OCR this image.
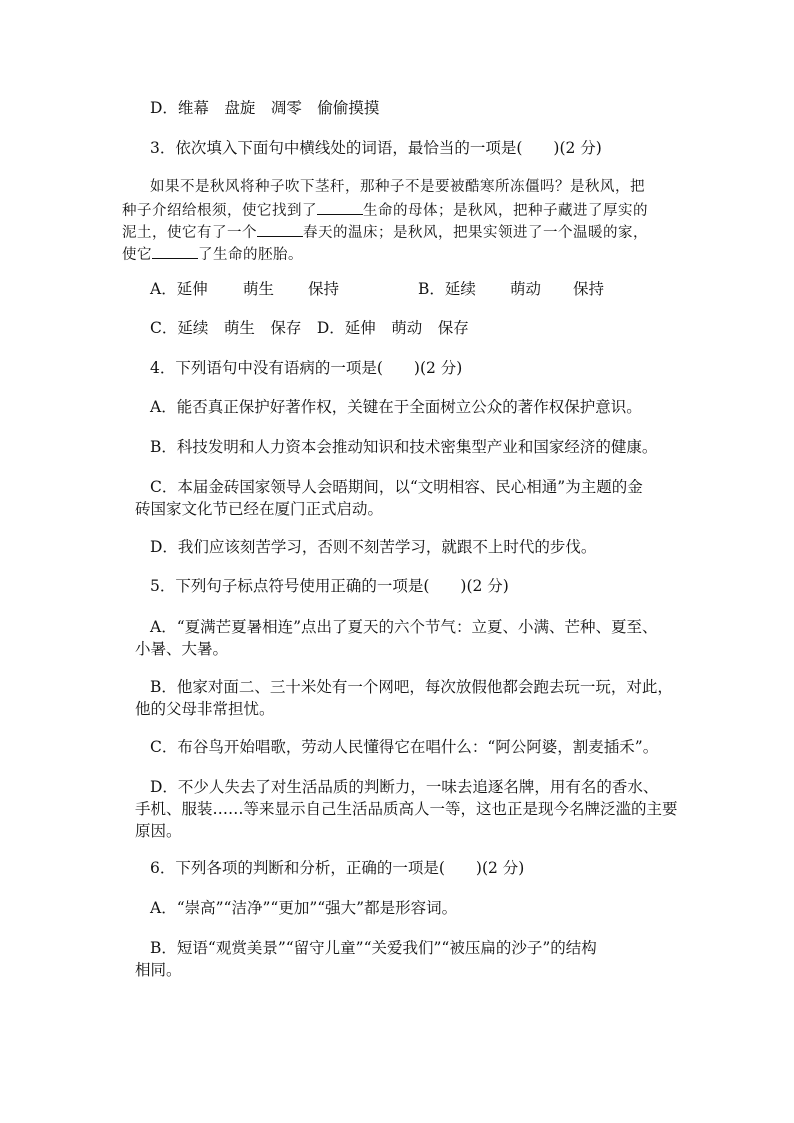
D．维幕　盘旋　凋零　偷偷摸摸
3．依次填入下面句中横线处的词语，最恰当的一项是(　　)(2 分)
如果不是秋风将种子吹下茎秆，那种子不是要被酷寒所冻僵吗？是秋风，把
种子介绍给根须，使它找到了	生命的母体；是秋风，把种子藏进了厚实的
泥土，使它有了一个	春天的温床；是秋风，把果实领进了一个温暖的家，
使它	了生命的胚胎。
A．延伸	萌生	保持	B．延续	萌动	保持
C．延续　萌生　保存　D．延伸　萌动　保存
4．下列语句中没有语病的一项是(　　)(2 分)
A．能否真正保护好著作权，关键在于全面树立公众的著作权保护意识。
B．科技发明和人力资本会推动知识和技术密集型产业和国家经济的健康。
C．本届金砖国家领导人会晤期间，以“文明相容、民心相通”为主题的金
砖国家文化节已经在厦门正式启动。
D．我们应该刻苦学习，否则不刻苦学习，就跟不上时代的步伐。
5．下列句子标点符号使用正确的一项是(　　)(2 分)
A．“夏满芒夏暑相连”点出了夏天的六个节气：立夏、小满、芒种、夏至、
小暑、大暑。
B．他家对面二、三十米处有一个网吧，每次放假他都会跑去玩一玩，对此，
他的父母非常担忧。
C．布谷鸟开始唱歌，劳动人民懂得它在唱什么：“阿公阿婆，割麦插禾”。
D．不少人失去了对生活品质的判断力，一味去追逐名牌，用有名的香水、
手机、服装……等来显示自己生活品质高人一等，这也正是现今名牌泛滥的主要
原因。
6．下列各项的判断和分析，正确的一项是(　　)(2 分)
A．“崇高”“洁净”“更加”“强大”都是形容词。
B．短语“观赏美景”“留守儿童”“关爱我们”“被压扁的沙子”的结构
相同。
